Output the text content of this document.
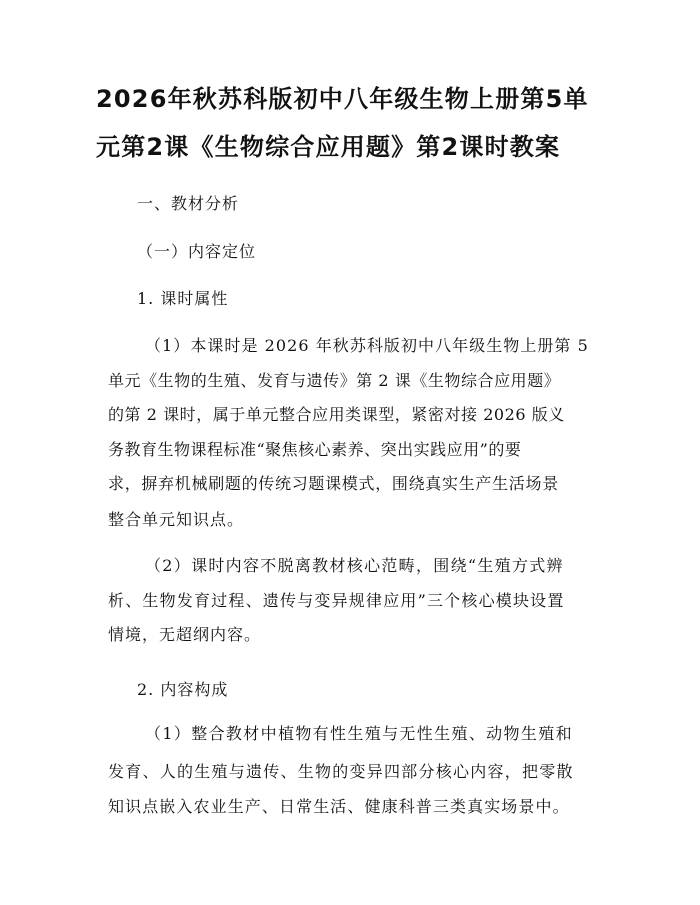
2026年秋苏科版初中八年级生物上册第5单
元第2课《生物综合应用题》第2课时教案
一、教材分析
（一）内容定位
1. 课时属性
（1）本课时是 2026 年秋苏科版初中八年级生物上册第 5
单元《生物的生殖、发育与遗传》第 2 课《生物综合应用题》
的第 2 课时，属于单元整合应用类课型，紧密对接 2026 版义
务教育生物课程标准“聚焦核心素养、突出实践应用”的要
求，摒弃机械刷题的传统习题课模式，围绕真实生产生活场景
整合单元知识点。
（2）课时内容不脱离教材核心范畴，围绕“生殖方式辨
析、生物发育过程、遗传与变异规律应用”三个核心模块设置
情境，无超纲内容。
2. 内容构成
（1）整合教材中植物有性生殖与无性生殖、动物生殖和
发育、人的生殖与遗传、生物的变异四部分核心内容，把零散
知识点嵌入农业生产、日常生活、健康科普三类真实场景中。
